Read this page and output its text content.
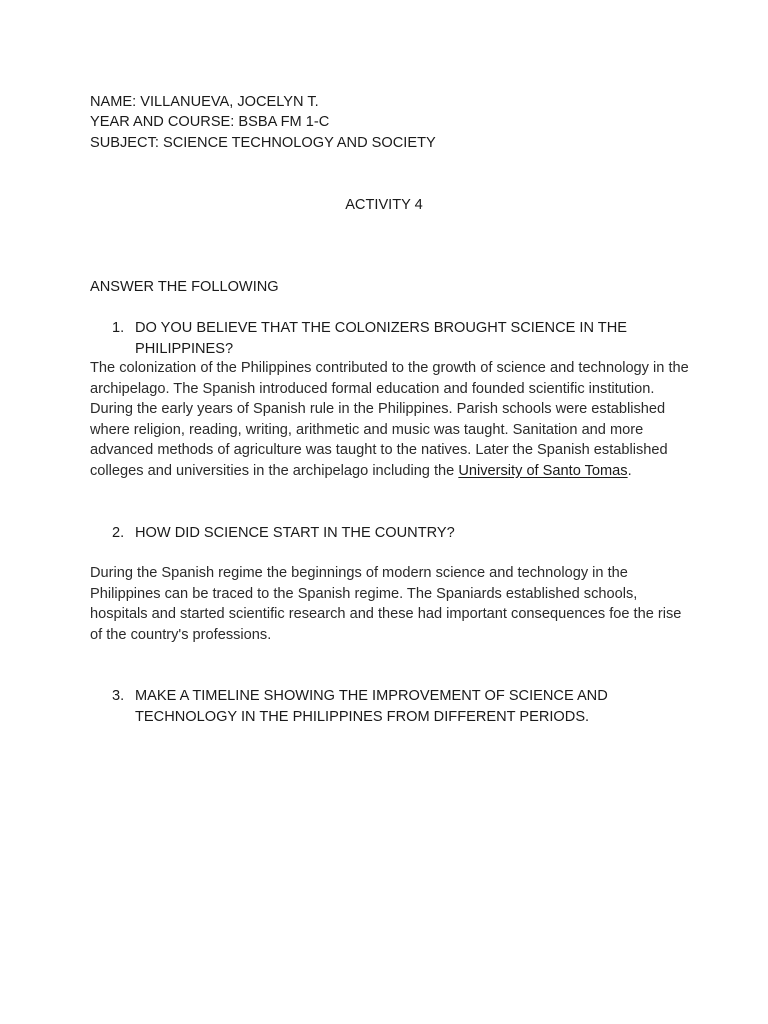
NAME: VILLANUEVA, JOCELYN T.
YEAR AND COURSE: BSBA FM 1-C
SUBJECT: SCIENCE TECHNOLOGY AND SOCIETY
ACTIVITY 4
ANSWER THE FOLLOWING
1. DO YOU BELIEVE THAT THE COLONIZERS BROUGHT SCIENCE IN THE PHILIPPINES?

The colonization of the Philippines contributed to the growth of science and technology in the archipelago. The Spanish introduced formal education and founded scientific institution. During the early years of Spanish rule in the Philippines. Parish schools were established where religion, reading, writing, arithmetic and music was taught. Sanitation and more advanced methods of agriculture was taught to the natives. Later the Spanish established colleges and universities in the archipelago including the University of Santo Tomas.

2. HOW DID SCIENCE START IN THE COUNTRY?
During the Spanish regime the beginnings of modern science and technology in the Philippines can be traced to the Spanish regime. The Spaniards established schools, hospitals and started scientific research and these had important consequences foe the rise of the country's professions.
3. MAKE A TIMELINE SHOWING THE IMPROVEMENT OF SCIENCE AND TECHNOLOGY IN THE PHILIPPINES FROM DIFFERENT PERIODS.
